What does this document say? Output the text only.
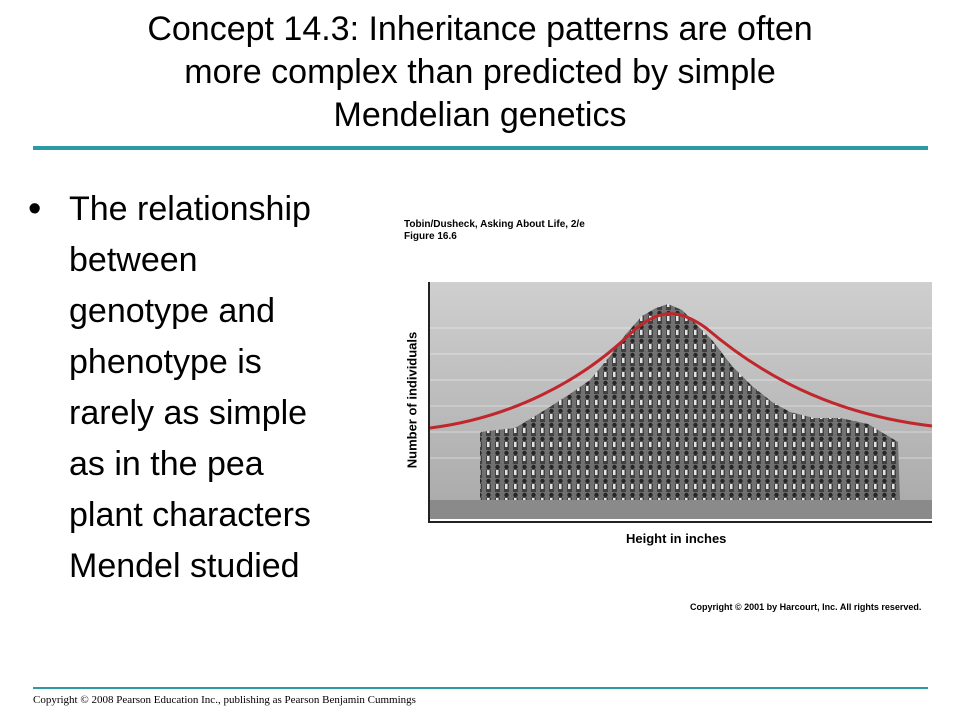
Concept 14.3: Inheritance patterns are often
more complex than predicted by simple
Mendelian genetics
• The relationship
between
genotype and
phenotype is
rarely as simple
as in the pea
plant characters
Mendel studied
Tobin/Dusheck, Asking About Life, 2/e
Figure 16.6
Number of individuals
Height in inches
Copyright © 2001 by Harcourt, Inc. All rights reserved.
Copyright © 2008 Pearson Education Inc., publishing as Pearson Benjamin Cummings
